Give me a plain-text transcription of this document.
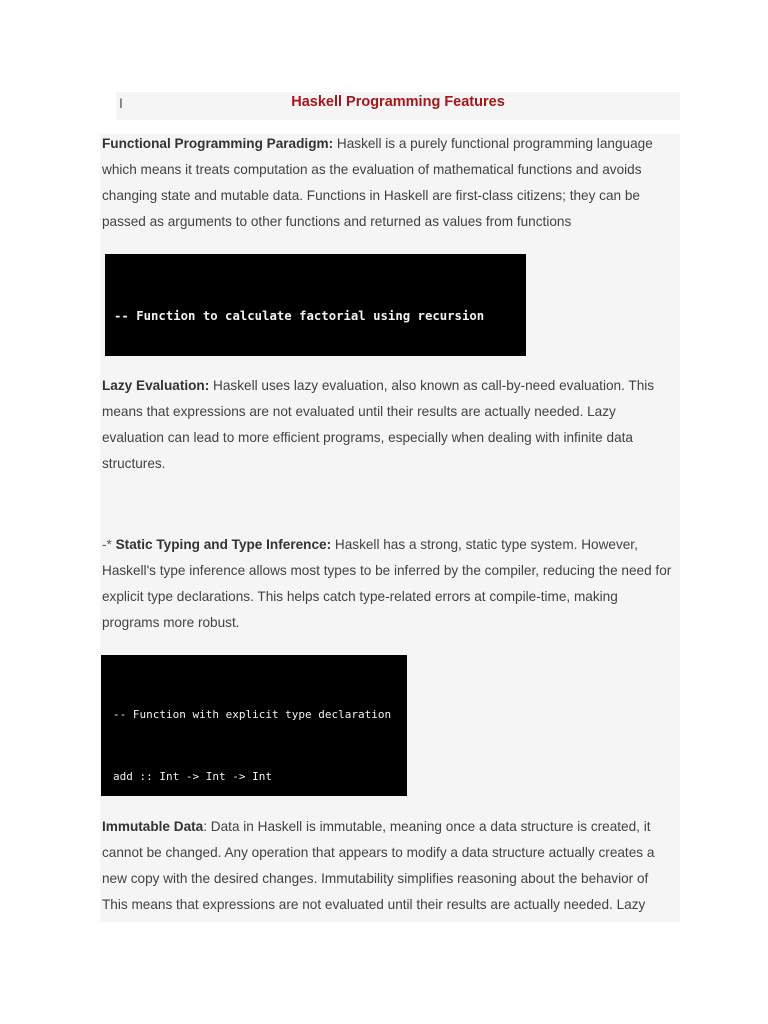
I	Haskell Programming Features

Functional Programming Paradigm: Haskell is a purely functional programming language which means it treats computation as the evaluation of mathematical functions and avoids changing state and mutable data. Functions in Haskell are first-class citizens; they can be passed as arguments to other functions and returned as values from functions

-- Function to calculate factorial using recursion

Lazy Evaluation: Haskell uses lazy evaluation, also known as call-by-need evaluation. This means that expressions are not evaluated until their results are actually needed. Lazy evaluation can lead to more efficient programs, especially when dealing with infinite data structures.

-* Static Typing and Type Inference: Haskell has a strong, static type system. However, Haskell's type inference allows most types to be inferred by the compiler, reducing the need for explicit type declarations. This helps catch type-related errors at compile-time, making programs more robust.

-- Function with explicit type declaration

add :: Int -> Int -> Int

Immutable Data: Data in Haskell is immutable, meaning once a data structure is created, it cannot be changed. Any operation that appears to modify a data structure actually creates a new copy with the desired changes. Immutability simplifies reasoning about the behavior of This means that expressions are not evaluated until their results are actually needed. Lazy
